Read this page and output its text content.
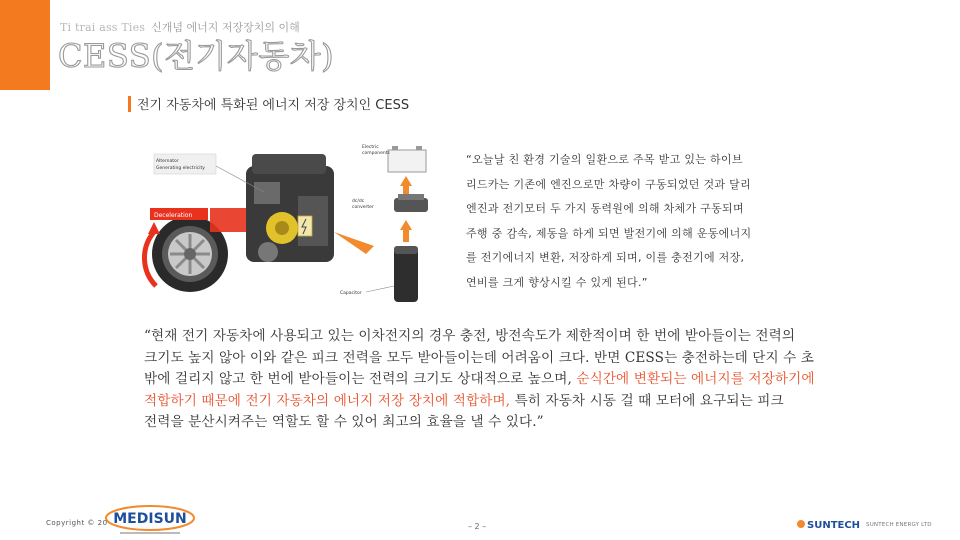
Ti trai ass Ties 신개념 에너지 저장장치의 이해
CESS(전기자동차)
전기 자동차에 특화된 에너지 저장 장치인 CESS
Deceleration
Alternator
Generating electricity
Electric
components
dc/dc
converter
Capacitor
“오늘날 친 환경 기술의 일환으로 주목 받고 있는 하이브
리드카는 기존에 엔진으로만 차량이 구동되었던 것과 달리
엔진과 전기모터 두 가지 동력원에 의해 차체가 구동되며
주행 중 감속, 제동을 하게 되면 발전기에 의해 운동에너지
를 전기에너지 변환, 저장하게 되며, 이를 충전기에 저장,
연비를 크게 향상시킬 수 있게 된다.”
“현재 전기 자동차에 사용되고 있는 이차전지의 경우 충전, 방전속도가 제한적이며 한 번에 받아들이는 전력의 크기도 높지 않아 이와 같은 피크 전력을 모두 받아들이는데 어려움이 크다. 반면 CESS는 충전하는데 단지 수 초 밖에 걸리지 않고 한 번에 받아들이는 전력의 크기도 상대적으로 높으며, 순식간에 변환되는 에너지를 저장하기에 적합하기 때문에 전기 자동차의 에너지 저장 장치에 적합하며, 특히 자동차 시동 걸 때 모터에 요구되는 피크 전력을 분산시켜주는 역할도 할 수 있어 최고의 효율을 낼 수 있다.”
Copyright © 20 MEDISUN	– 2 –	SUNTECH SUNTECH ENERGY LTD
